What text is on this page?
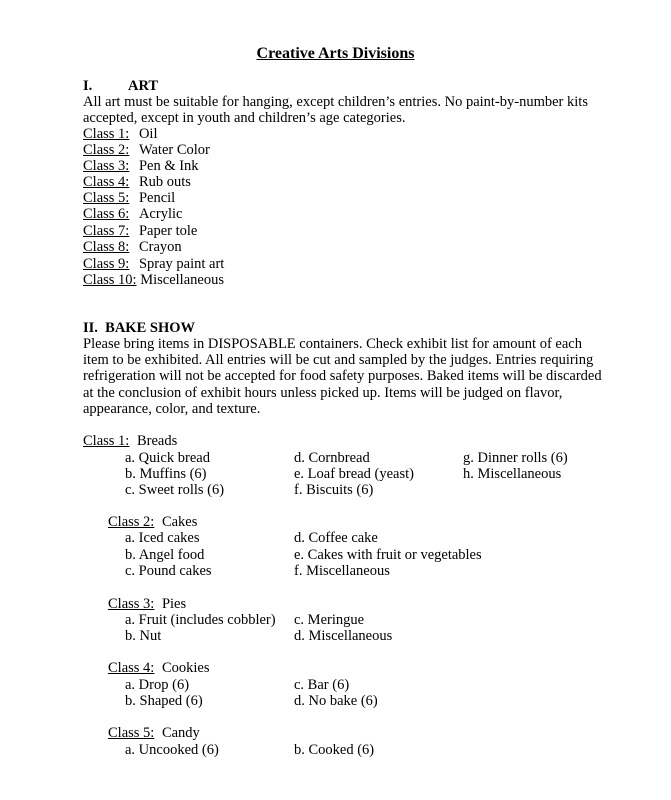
Creative Arts Divisions
I. ART
All art must be suitable for hanging, except children’s entries. No paint-by-number kits accepted, except in youth and children’s age categories.
Class 1: Oil
Class 2: Water Color
Class 3: Pen & Ink
Class 4: Rub outs
Class 5: Pencil
Class 6: Acrylic
Class 7: Paper tole
Class 8: Crayon
Class 9: Spray paint art
Class 10: Miscellaneous
II.  BAKE SHOW
Please bring items in DISPOSABLE containers. Check exhibit list for amount of each item to be exhibited. All entries will be cut and sampled by the judges. Entries requiring refrigeration will not be accepted for food safety purposes. Baked items will be discarded at the conclusion of exhibit hours unless picked up. Items will be judged on flavor, appearance, color, and texture.
Class 1: Breads
a. Quick bread
b. Muffins (6)
c. Sweet rolls (6)
d. Cornbread
e. Loaf bread (yeast)
f. Biscuits (6)
g. Dinner rolls (6)
h. Miscellaneous
Class 2: Cakes
a. Iced cakes
b. Angel food
c. Pound cakes
d. Coffee cake
e. Cakes with fruit or vegetables
f. Miscellaneous
Class 3: Pies
a. Fruit (includes cobbler)
b. Nut
c. Meringue
d. Miscellaneous
Class 4: Cookies
a. Drop (6)
b. Shaped (6)
c. Bar (6)
d. No bake (6)
Class 5: Candy
a. Uncooked (6)	b. Cooked (6)
